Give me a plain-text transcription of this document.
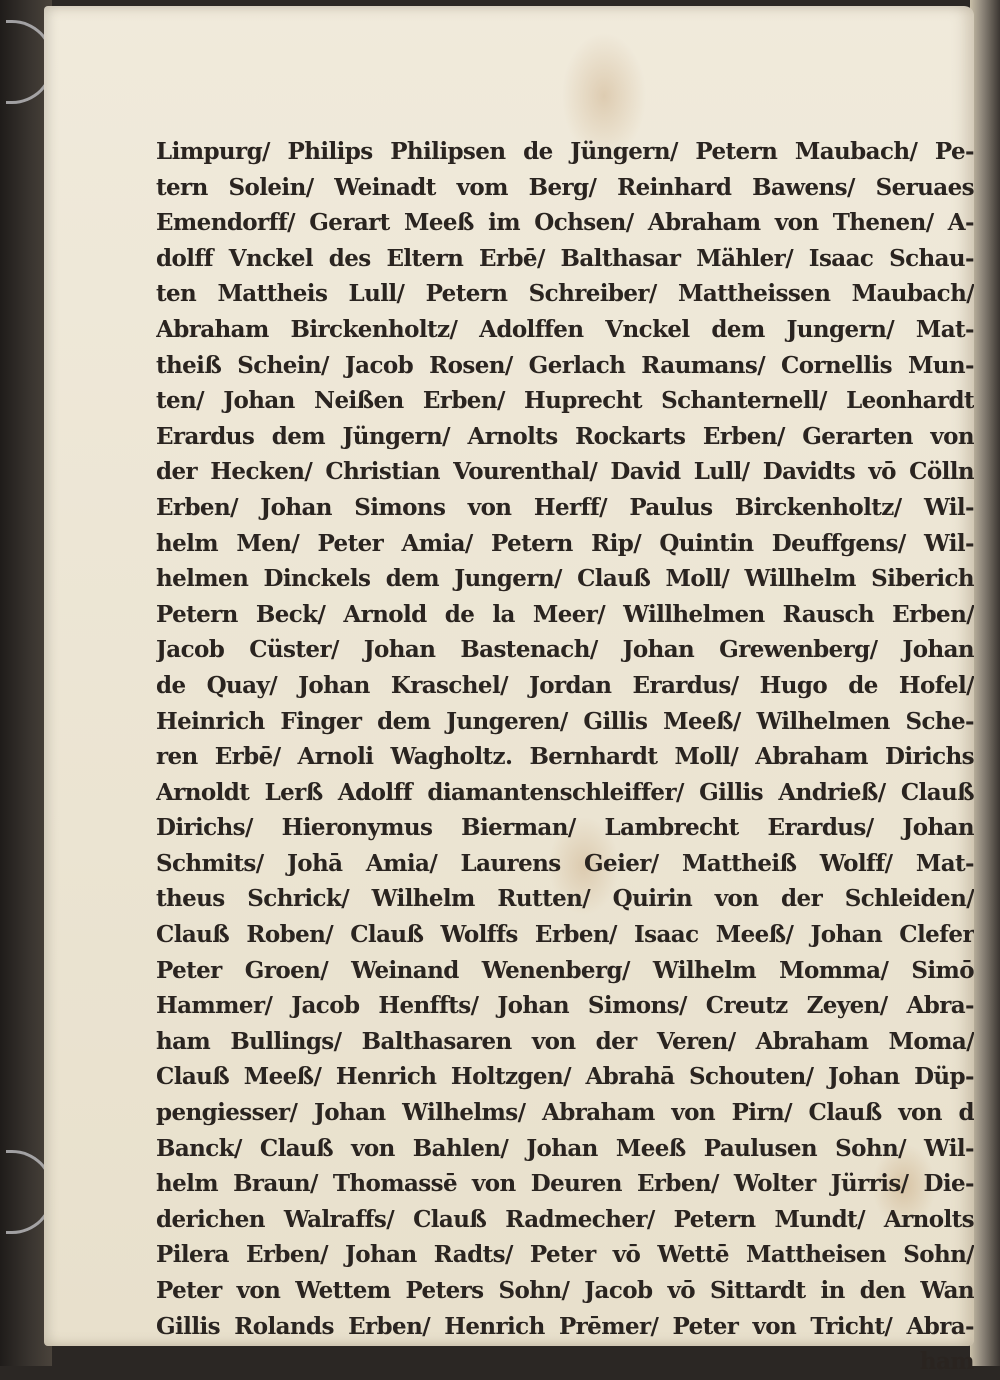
Limpurg/ Philips Philipsen de Jüngern/ Petern Maubach/ Pe-
tern Solein/ Weinadt vom Berg/ Reinhard Bawens/ Seruaes
Emendorff/ Gerart Meeß im Ochsen/ Abraham von Thenen/ A-
dolff Vnckel des Eltern Erbē/ Balthasar Mähler/ Isaac Schau-
ten Mattheis Lull/ Petern Schreiber/ Mattheissen Maubach/
Abraham Birckenholtz/ Adolffen Vnckel dem Jungern/ Mat-
theiß Schein/ Jacob Rosen/ Gerlach Raumans/ Cornellis Mun-
ten/ Johan Neißen Erben/ Huprecht Schanternell/ Leonhardt
Erardus dem Jüngern/ Arnolts Rockarts Erben/ Gerarten von
der Hecken/ Christian Vourenthal/ David Lull/ Davidts vō Cölln
Erben/ Johan Simons von Herff/ Paulus Birckenholtz/ Wil-
helm Men/ Peter Amia/ Petern Rip/ Quintin Deuffgens/ Wil-
helmen Dinckels dem Jungern/ Clauß Moll/ Willhelm Siberich
Petern Beck/ Arnold de la Meer/ Willhelmen Rausch Erben/
Jacob Cüster/ Johan Bastenach/ Johan Grewenberg/ Johan
de Quay/ Johan Kraschel/ Jordan Erardus/ Hugo de Hofel/
Heinrich Finger dem Jungeren/ Gillis Meeß/ Wilhelmen Sche-
ren Erbē/ Arnoli Wagholtz. Bernhardt Moll/ Abraham Dirichs
Arnoldt Lerß Adolff diamantenschleiffer/ Gillis Andrieß/ Clauß
Dirichs/ Hieronymus Bierman/ Lambrecht Erardus/ Johan
Schmits/ Johā Amia/ Laurens Geier/ Mattheiß Wolff/ Mat-
theus Schrick/ Wilhelm Rutten/ Quirin von der Schleiden/
Clauß Roben/ Clauß Wolffs Erben/ Isaac Meeß/ Johan Clefer
Peter Groen/ Weinand Wenenberg/ Wilhelm Momma/ Simō
Hammer/ Jacob Henffts/ Johan Simons/ Creutz Zeyen/ Abra-
ham Bullings/ Balthasaren von der Veren/ Abraham Moma/
Clauß Meeß/ Henrich Holtzgen/ Abrahā Schouten/ Johan Düp-
pengiesser/ Johan Wilhelms/ Abraham von Pirn/ Clauß von d
Banck/ Clauß von Bahlen/ Johan Meeß Paulusen Sohn/ Wil-
helm Braun/ Thomassē von Deuren Erben/ Wolter Jürris/ Die-
derichen Walraffs/ Clauß Radmecher/ Petern Mundt/ Arnolts
Pilera Erben/ Johan Radts/ Peter vō Wettē Mattheisen Sohn/
Peter von Wettem Peters Sohn/ Jacob vō Sittardt in den Wan
Gillis Rolands Erben/ Henrich Prēmer/ Peter von Tricht/ Abra-
ham
